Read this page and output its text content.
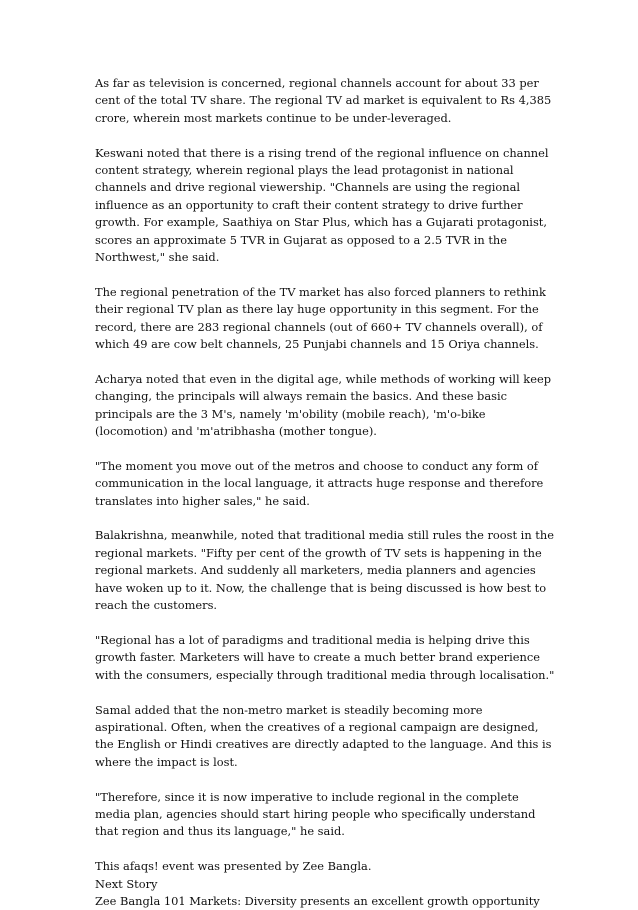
As far as television is concerned, regional channels account for about 33 per cent of the total TV share. The regional TV ad market is equivalent to Rs 4,385 crore, wherein most markets continue to be under-leveraged.

Keswani noted that there is a rising trend of the regional influence on channel content strategy, wherein regional plays the lead protagonist in national channels and drive regional viewership. "Channels are using the regional influence as an opportunity to craft their content strategy to drive further growth. For example, Saathiya on Star Plus, which has a Gujarati protagonist, scores an approximate 5 TVR in Gujarat as opposed to a 2.5 TVR in the Northwest," she said.

The regional penetration of the TV market has also forced planners to rethink their regional TV plan as there lay huge opportunity in this segment. For the record, there are 283 regional channels (out of 660+ TV channels overall), of which 49 are cow belt channels, 25 Punjabi channels and 15 Oriya channels.

Acharya noted that even in the digital age, while methods of working will keep changing, the principals will always remain the basics. And these basic principals are the 3 M's, namely 'm'obility (mobile reach), 'm'o-bike (locomotion) and 'm'atribhasha (mother tongue).

"The moment you move out of the metros and choose to conduct any form of communication in the local language, it attracts huge response and therefore translates into higher sales," he said.

Balakrishna, meanwhile, noted that traditional media still rules the roost in the regional markets. "Fifty per cent of the growth of TV sets is happening in the regional markets. And suddenly all marketers, media planners and agencies have woken up to it. Now, the challenge that is being discussed is how best to reach the customers.

"Regional has a lot of paradigms and traditional media is helping drive this growth faster. Marketers will have to create a much better brand experience with the consumers, especially through traditional media through localisation."

Samal added that the non-metro market is steadily becoming more aspirational. Often, when the creatives of a regional campaign are designed, the English or Hindi creatives are directly adapted to the language. And this is where the impact is lost.

"Therefore, since it is now imperative to include regional in the complete media plan, agencies should start hiring people who specifically understand that region and thus its language," he said.

This afaqs! event was presented by Zee Bangla.

Next Story

Zee Bangla 101 Markets: Diversity presents an excellent growth opportunity
